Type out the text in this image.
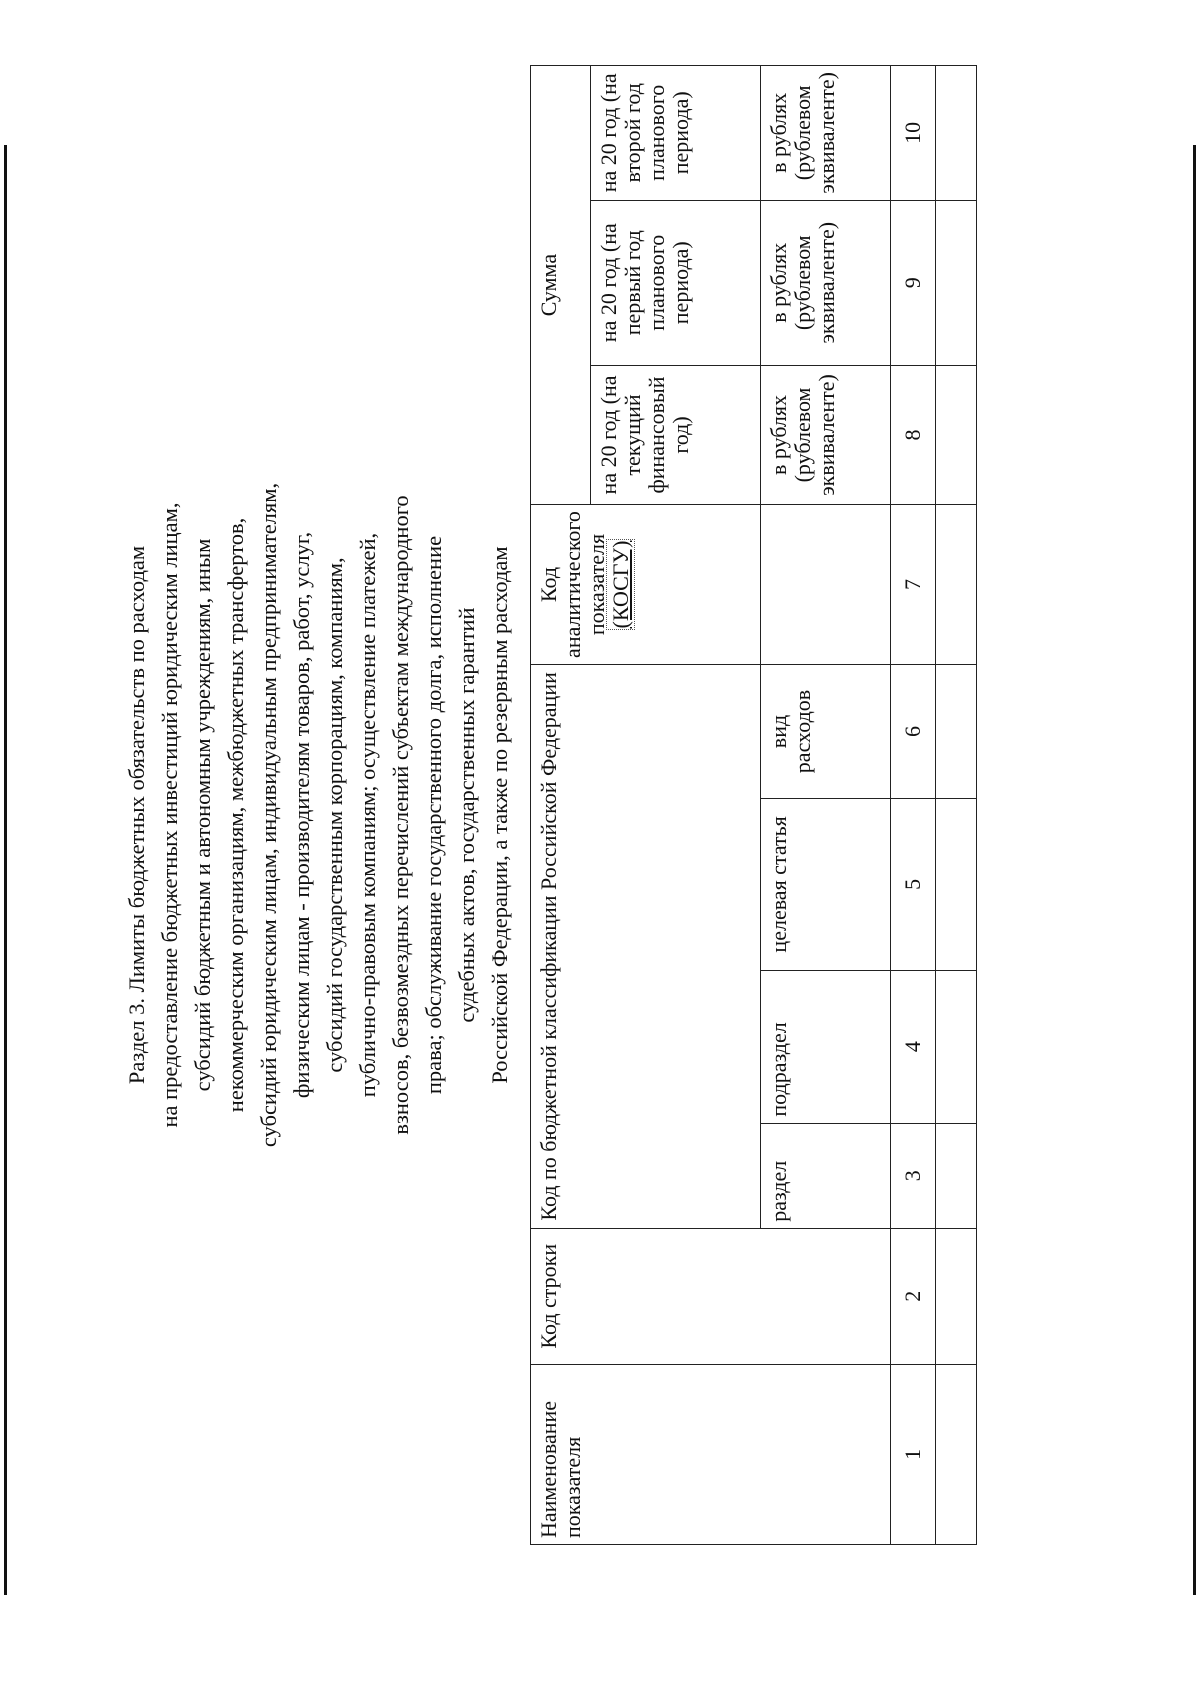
Раздел 3. Лимиты бюджетных обязательств по расходам на предоставление бюджетных инвестиций юридическим лицам, субсидий бюджетным и автономным учреждениям, иным некоммерческим организациям, межбюджетных трансфертов, субсидий юридическим лицам, индивидуальным предпринимателям, физическим лицам - производителям товаров, работ, услуг, субсидий государственным корпорациям, компаниям, публично-правовым компаниям; осуществление платежей, взносов, безвозмездных перечислений субъектам международного права; обслуживание государственного долга, исполнение судебных актов, государственных гарантий Российской Федерации, а также по резервным расходам
Наименование показателя	Код строки	Код по бюджетной классификации Российской Федерации				Код аналитического показателя (КОСГУ)	Сумма		
							на 20 год (на текущий финансовый год)	на 20 год (на первый год планового периода)	на 20 год (на второй год планового периода)
		раздел	подраздел	целевая статья	вид расходов		в рублях (рублевом эквиваленте)	в рублях (рублевом эквиваленте)	в рублях (рублевом эквиваленте)
1	2	3	4	5	6	7	8	9	10
